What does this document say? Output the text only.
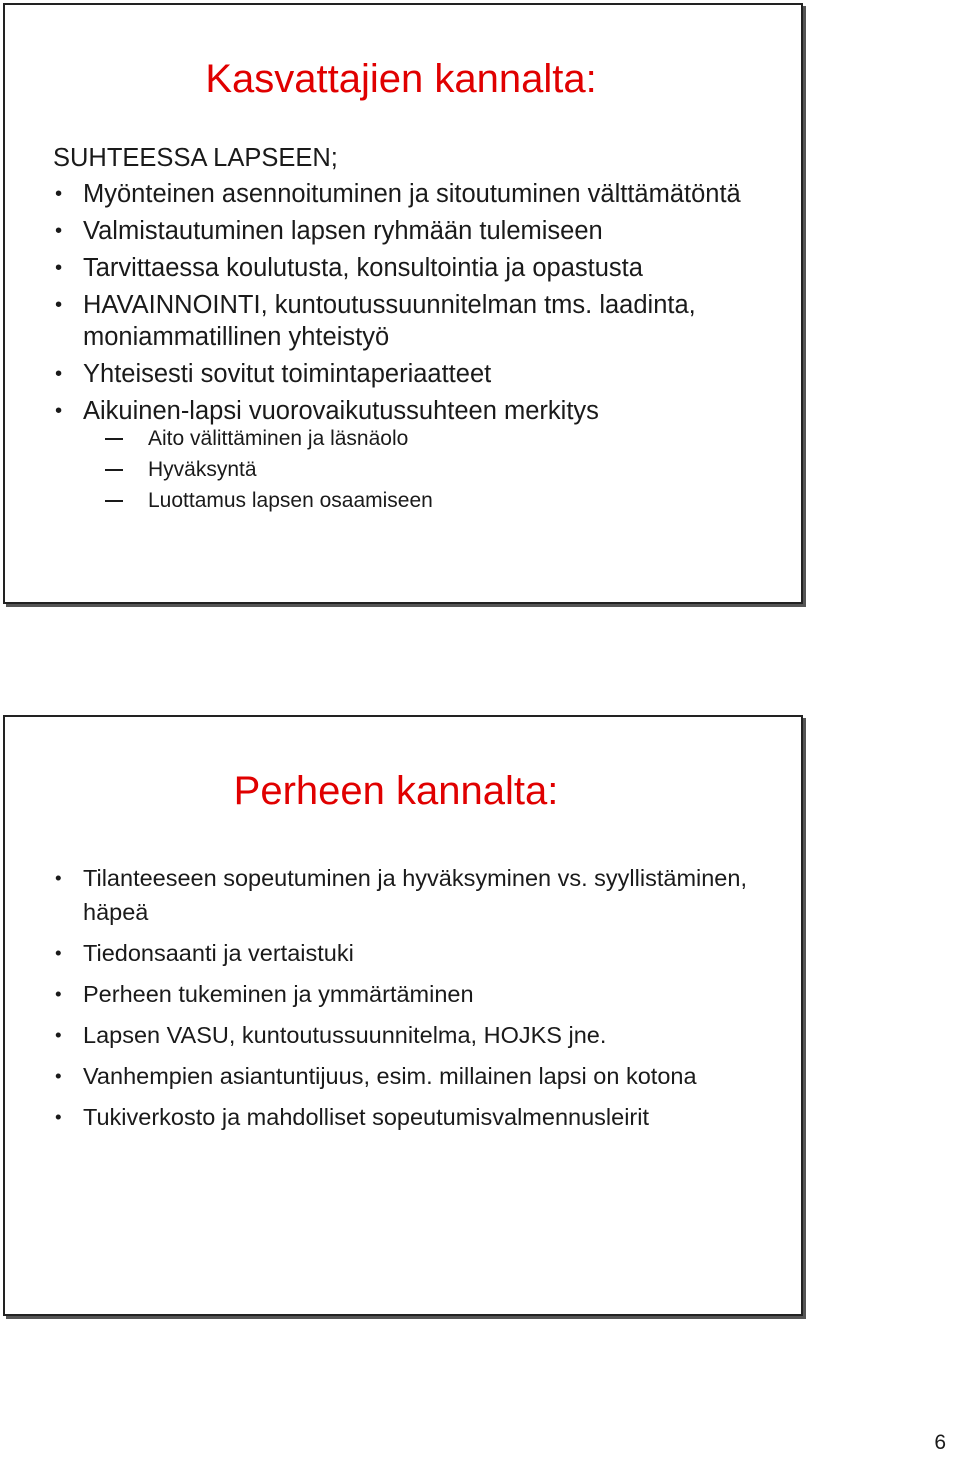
Kasvattajien kannalta:

SUHTEESSA LAPSEEN;

• Myönteinen asennoituminen ja sitoutuminen välttämätöntä
• Valmistautuminen lapsen ryhmään tulemiseen
• Tarvittaessa koulutusta, konsultointia ja opastusta
• HAVAINNOINTI, kuntoutussuunnitelman tms. laadinta, moniammatillinen yhteistyö
• Yhteisesti sovitut toimintaperiaatteet
• Aikuinen-lapsi vuorovaikutussuhteen merkitys
Aito välittäminen ja läsnäolo
Hyväksyntä
Luottamus lapsen osaamiseen
Perheen kannalta:
• Tilanteeseen sopeutuminen ja hyväksyminen vs. syyllistäminen, häpeä
• Tiedonsaanti ja vertaistuki
• Perheen tukeminen ja ymmärtäminen
• Lapsen VASU, kuntoutussuunnitelma, HOJKS jne.
• Vanhempien asiantuntijuus, esim. millainen lapsi on kotona
• Tukiverkosto ja mahdolliset sopeutumisvalmennusleirit
6
